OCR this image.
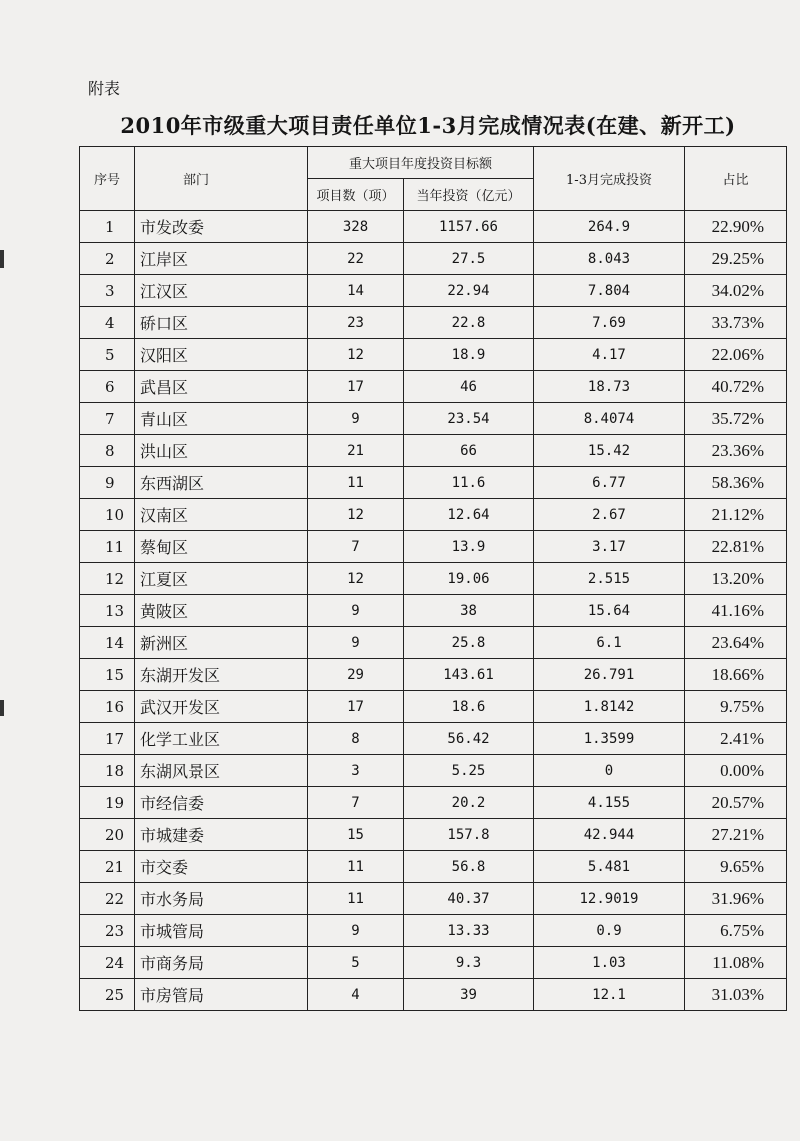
附表
2010年市级重大项目责任单位1-3月完成情况表(在建、新开工)
序号	部门	重大项目年度投资目标额		1-3月完成投资	占比
		项目数（项）	当年投资（亿元）		
1	市发改委	328	1157.66	264.9	22.90%
2	江岸区	22	27.5	8.043	29.25%
3	江汉区	14	22.94	7.804	34.02%
4	硚口区	23	22.8	7.69	33.73%
5	汉阳区	12	18.9	4.17	22.06%
6	武昌区	17	46	18.73	40.72%
7	青山区	9	23.54	8.4074	35.72%
8	洪山区	21	66	15.42	23.36%
9	东西湖区	11	11.6	6.77	58.36%
10	汉南区	12	12.64	2.67	21.12%
11	蔡甸区	7	13.9	3.17	22.81%
12	江夏区	12	19.06	2.515	13.20%
13	黄陂区	9	38	15.64	41.16%
14	新洲区	9	25.8	6.1	23.64%
15	东湖开发区	29	143.61	26.791	18.66%
16	武汉开发区	17	18.6	1.8142	9.75%
17	化学工业区	8	56.42	1.3599	2.41%
18	东湖风景区	3	5.25	0	0.00%
19	市经信委	7	20.2	4.155	20.57%
20	市城建委	15	157.8	42.944	27.21%
21	市交委	11	56.8	5.481	9.65%
22	市水务局	11	40.37	12.9019	31.96%
23	市城管局	9	13.33	0.9	6.75%
24	市商务局	5	9.3	1.03	11.08%
25	市房管局	4	39	12.1	31.03%
